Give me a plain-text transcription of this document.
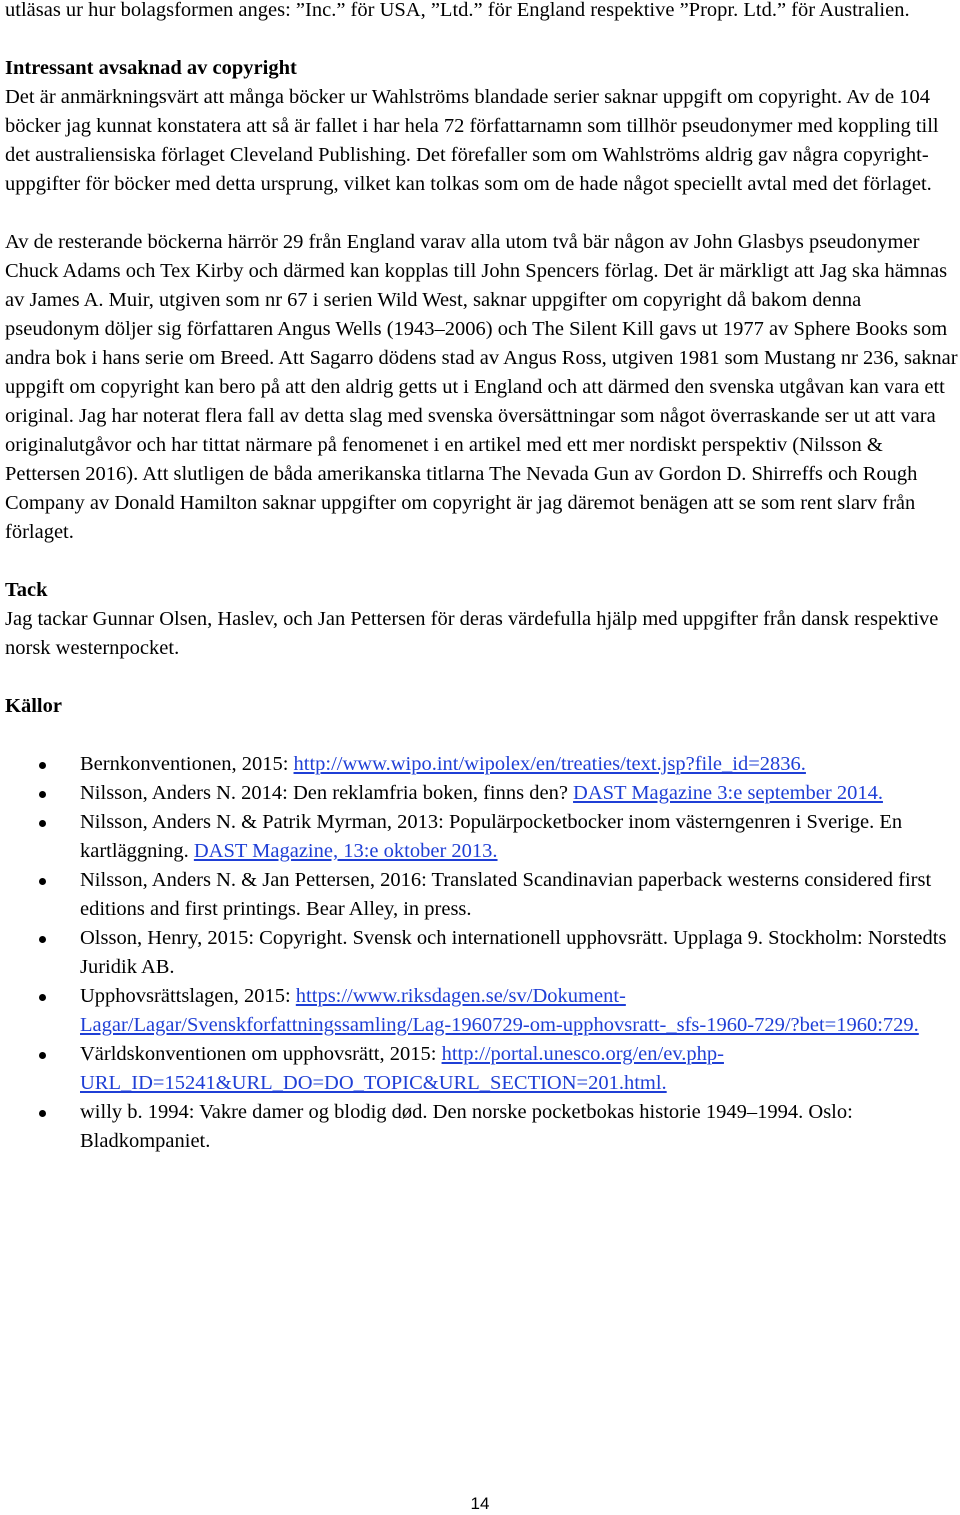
utläsas ur hur bolagsformen anges: ”Inc.” för USA, ”Ltd.” för England respektive ”Propr. Ltd.” för Australien.

Intressant avsaknad av copyright

Det är anmärkningsvärt att många böcker ur Wahlströms blandade serier saknar uppgift om copyright. Av de 104 böcker jag kunnat konstatera att så är fallet i har hela 72 författarnamn som tillhör pseudonymer med koppling till det australiensiska förlaget Cleveland Publishing. Det förefaller som om Wahlströms aldrig gav några copyright-uppgifter för böcker med detta ursprung, vilket kan tolkas som om de hade något speciellt avtal med det förlaget.

Av de resterande böckerna härrör 29 från England varav alla utom två bär någon av John Glasbys pseudonymer Chuck Adams och Tex Kirby och därmed kan kopplas till John Spencers förlag. Det är märkligt att Jag ska hämnas av James A. Muir, utgiven som nr 67 i serien Wild West, saknar uppgifter om copyright då bakom denna pseudonym döljer sig författaren Angus Wells (1943–2006) och The Silent Kill gavs ut 1977 av Sphere Books som andra bok i hans serie om Breed. Att Sagarro dödens stad av Angus Ross, utgiven 1981 som Mustang nr 236, saknar uppgift om copyright kan bero på att den aldrig getts ut i England och att därmed den svenska utgåvan kan vara ett original. Jag har noterat flera fall av detta slag med svenska översättningar som något överraskande ser ut att vara originalutgåvor och har tittat närmare på fenomenet i en artikel med ett mer nordiskt perspektiv (Nilsson & Pettersen 2016). Att slutligen de båda amerikanska titlarna The Nevada Gun av Gordon D. Shirreffs och Rough Company av Donald Hamilton saknar uppgifter om copyright är jag däremot benägen att se som rent slarv från förlaget.

Tack

Jag tackar Gunnar Olsen, Haslev, och Jan Pettersen för deras värdefulla hjälp med uppgifter från dansk respektive norsk westernpocket.

Källor

Bernkonventionen, 2015: http://www.wipo.int/wipolex/en/treaties/text.jsp?file_id=2836.
Nilsson, Anders N. 2014: Den reklamfria boken, finns den? DAST Magazine 3:e september 2014.
Nilsson, Anders N. & Patrik Myrman, 2013: Populärpocketbocker inom västerngenren i Sverige. En kartläggning. DAST Magazine, 13:e oktober 2013.
Nilsson, Anders N. & Jan Pettersen, 2016: Translated Scandinavian paperback westerns considered first editions and first printings. Bear Alley, in press.
Olsson, Henry, 2015: Copyright. Svensk och internationell upphovsrätt. Upplaga 9. Stockholm: Norstedts Juridik AB.
Upphovsrättslagen, 2015: https://www.riksdagen.se/sv/Dokument-Lagar/Lagar/Svenskforfattningssamling/Lag-1960729-om-upphovsratt-_sfs-1960-729/?bet=1960:729.
Världskonventionen om upphovsrätt, 2015: http://portal.unesco.org/en/ev.php-URL_ID=15241&URL_DO=DO_TOPIC&URL_SECTION=201.html.
willy b. 1994: Vakre damer og blodig død. Den norske pocketbokas historie 1949–1994. Oslo: Bladkompaniet.
14
